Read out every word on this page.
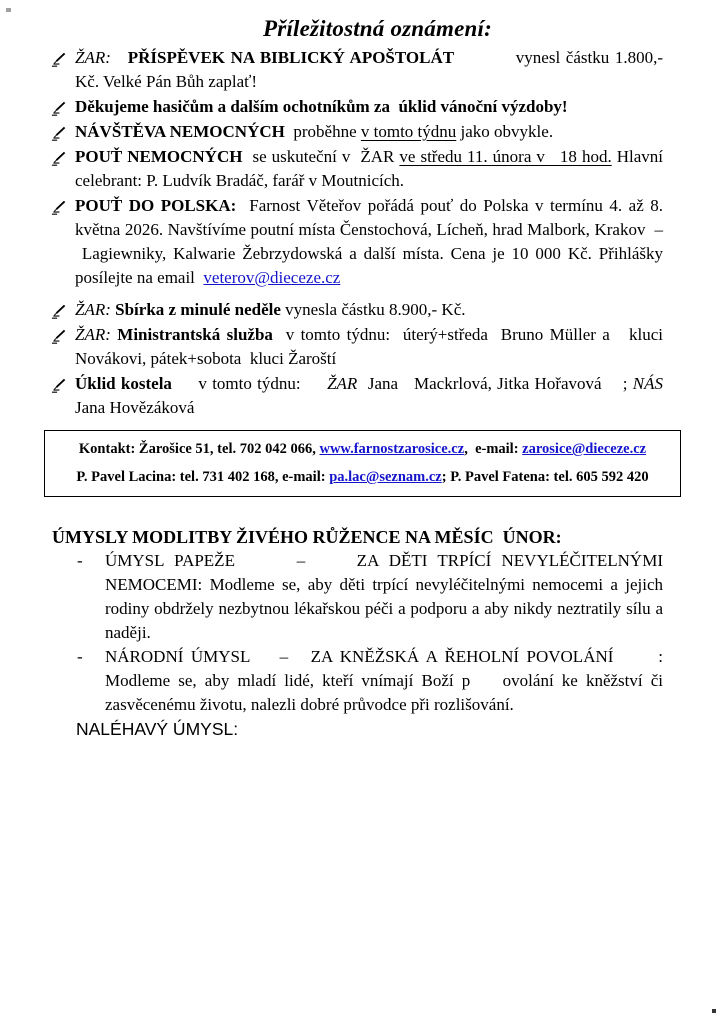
Příležitostná oznámení:
ŽAR:   PŘÍSPĚVEK NA BIBLICKÝ APOŠTOLÁT           vynesl částku 1.800,- Kč. Velké Pán Bůh zaplať!
Děkujeme hasičům a dalším ochotníkům za  úklid vánoční výzdoby!
NÁVŠTĚVA NEMOCNÝCH  proběhne v tomto týdnu jako obvykle.
POUŤ NEMOCNÝCH  se uskuteční v  ŽAR ve středu 11. února v   18 hod. Hlavní celebrant: P. Ludvík Bradáč, farář v Moutnicích.
POUŤ DO POLSKA:  Farnost Věteřov pořádá pouť do Polska v termínu 4. až 8. května 2026. Navštívíme poutní místa Čenstochová, Lícheň, hrad Malbork, Krakov  –  Lagiewniky, Kalwarie Žebrzydowská a další místa. Cena je 10 000 Kč. Přihlášky posílejte na email  veterov@dieceze.cz
ŽAR: Sbírka z minulé neděle vynesla částku 8.900,- Kč.
ŽAR: Ministrantská služba  v tomto týdnu:  úterý+středa  Bruno Müller a   kluci Novákovi, pátek+sobota  kluci Žaroští
Úklid kostela     v tomto týdnu:     ŽAR  Jana   Mackrlová, Jitka Hořavová    ; NÁS Jana Hovězáková
Kontakt: Žarošice 51, tel. 702 042 066, www.farnostzarosice.cz,  e-mail: zarosice@dieceze.cz
P. Pavel Lacina: tel. 731 402 168, e-mail: pa.lac@seznam.cz; P. Pavel Fatena: tel. 605 592 420
ÚMYSLY MODLITBY ŽIVÉHO RŮŽENCE NA MĚSÍC  ÚNOR:
- ÚMYSL PAPEŽE      –     ZA DĚTI TRPÍCÍ NEVYLÉČITELNÝMI NEMOCEMI: Modleme se, aby děti trpící nevyléčitelnými nemocemi a jejich rodiny obdržely nezbytnou lékařskou péči a podporu a aby nikdy neztratily sílu a naději.
- NÁRODNÍ ÚMYSL    –   ZA KNĚŽSKÁ A ŘEHOLNÍ POVOLÁNÍ      : Modleme se, aby mladí lidé, kteří vnímají Boží p    ovolání ke kněžství či zasvěcenému životu, nalezli dobré průvodce při rozlišování.
NALÉHAVÝ ÚMYSL:
